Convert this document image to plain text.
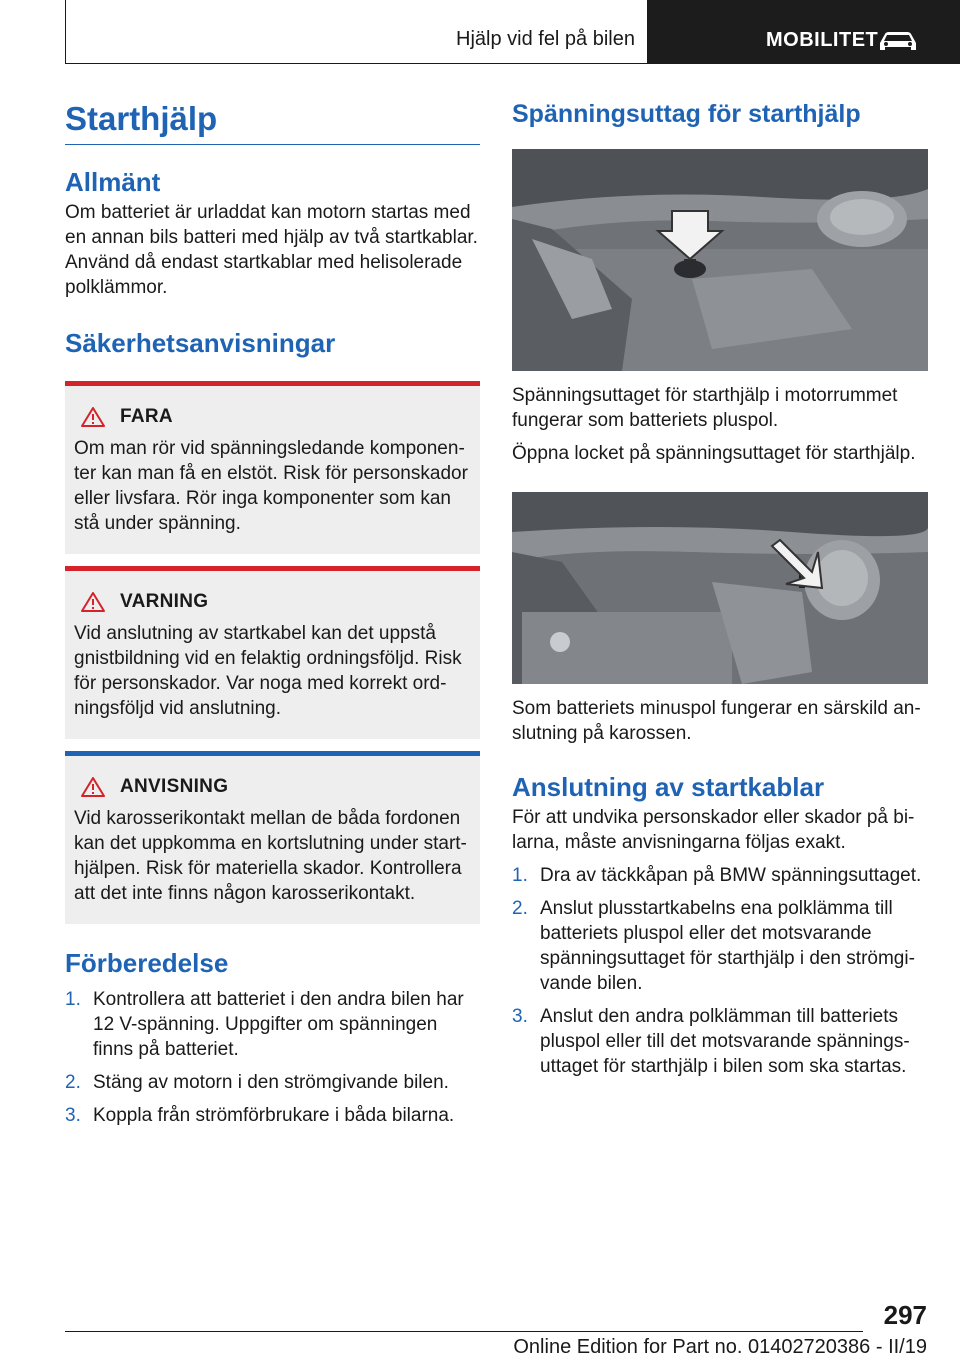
Hjälp vid fel på bilen	MOBILITET
Starthjälp
Allmänt

Om batteriet är urladdat kan motorn startas med en annan bils batteri med hjälp av två startkablar. Använd då endast startkablar med helisolerade polklämmor.

Säkerhetsanvisningar
FARA

Om man rör vid spänningsledande komponen-ter kan man få en elstöt. Risk för personskador eller livsfara. Rör inga komponenter som kan stå under spänning.

VARNING

Vid anslutning av startkabel kan det uppstå gnistbildning vid en felaktig ordningsföljd. Risk för personskador. Var noga med korrekt ord-ningsföljd vid anslutning.

ANVISNING

Vid karosserikontakt mellan de båda fordonen kan det uppkomma en kortslutning under start-hjälpen. Risk för materiella skador. Kontrollera att det inte finns någon karosserikontakt.

Förberedelse
1. Kontrollera att batteriet i den andra bilen har 12 V-spänning. Uppgifter om spänningen finns på batteriet.
2. Stäng av motorn i den strömgivande bilen.
3. Koppla från strömförbrukare i båda bilarna.
Spänningsuttag för starthjälp

Spänningsuttaget för starthjälp i motorrummet fungerar som batteriets pluspol.

Öppna locket på spänningsuttaget för starthjälp.

Som batteriets minuspol fungerar en särskild an-slutning på karossen.

Anslutning av startkablar

För att undvika personskador eller skador på bi-larna, måste anvisningarna följas exakt.

1. Dra av täckkåpan på BMW spänningsuttaget.
2. Anslut plusstartkabelns ena polklämma till batteriets pluspol eller det motsvarande spänningsuttaget för starthjälp i den strömgi-vande bilen.
3. Anslut den andra polklämman till batteriets pluspol eller till det motsvarande spännings-uttaget för starthjälp i bilen som ska startas.
297
Online Edition for Part no. 01402720386 - II/19
